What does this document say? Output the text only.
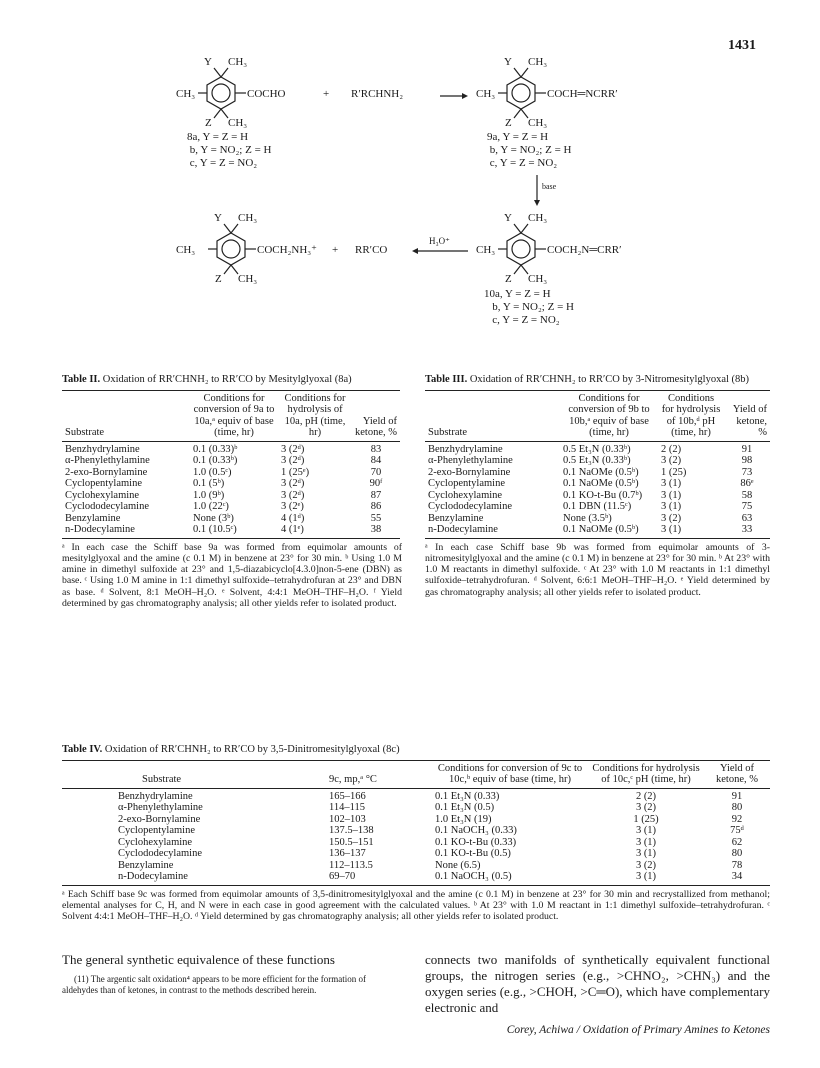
1431
Y CH₃
CH₃	COCHO
Z CH₃
+ R′RCHNH₂
Y CH₃
CH₃	COCH═NCRR′
Z CH₃
base
Y CH₃
CH₃	COCH₂NH₃⁺
Z CH₃
+ RR′CO
H₃O⁺
Y CH₃
CH₃	COCH₂N═CRR′
Z CH₃
8a, Y = Z = H
b, Y = NO₂; Z = H
c, Y = Z = NO₂
9a, Y = Z = H
b, Y = NO₂; Z = H
c, Y = Z = NO₂
10a, Y = Z = H
b, Y = NO₂; Z = H
c, Y = Z = NO₂
Table II. Oxidation of RR′CHNH₂ to RR′CO by Mesitylglyoxal (8a)
Substrate	Conditions for conversion of 9a to 10a,ᵃ equiv of base (time, hr)	Conditions for hydrolysis of 10a, pH (time, hr)	Yield of ketone, %
Benzhydrylamine	0.1 (0.33)ᵇ	3 (2ᵈ)	83
α-Phenylethylamine	0.1 (0.33ᵇ)	3 (2ᵈ)	84
2-exo-Bornylamine	1.0 (0.5ᶜ)	1 (25ᵉ)	70
Cyclopentylamine	0.1 (5ᵇ)	3 (2ᵈ)	90ᶠ
Cyclohexylamine	1.0 (9ᵇ)	3 (2ᵈ)	87
Cyclododecylamine	1.0 (22ᶜ)	3 (2ᵉ)	86
Benzylamine	None (3ᵇ)	4 (1ᵈ)	55
n-Dodecylamine	0.1 (10.5ᶜ)	4 (1ᵉ)	38
ᵃ In each case the Schiff base 9a was formed from equimolar amounts of mesitylglyoxal and the amine (c 0.1 M) in benzene at 23° for 30 min. ᵇ Using 1.0 M amine in dimethyl sulfoxide at 23° and 1,5-diazabicyclo[4.3.0]non-5-ene (DBN) as base. ᶜ Using 1.0 M amine in 1:1 dimethyl sulfoxide–tetrahydrofuran at 23° and DBN as base. ᵈ Solvent, 8:1 MeOH–H₂O. ᵉ Solvent, 4:4:1 MeOH–THF–H₂O. ᶠ Yield determined by gas chromatography analysis; all other yields refer to isolated product.
Table III. Oxidation of RR′CHNH₂ to RR′CO by 3-Nitromesitylglyoxal (8b)
Substrate	Conditions for conversion of 9b to 10b,ᵃ equiv of base (time, hr)	Conditions for hydrolysis of 10b,ᵈ pH (time, hr)	Yield of ketone, %
Benzhydrylamine	0.5 Et₃N (0.33ᵇ)	2 (2)	91
α-Phenylethylamine	0.5 Et₃N (0.33ᵇ)	3 (2)	98
2-exo-Bornylamine	0.1 NaOMe (0.5ᵇ)	1 (25)	73
Cyclopentylamine	0.1 NaOMe (0.5ᵇ)	3 (1)	86ᵉ
Cyclohexylamine	0.1 KO-t-Bu (0.7ᵇ)	3 (1)	58
Cyclododecylamine	0.1 DBN (11.5ᶜ)	3 (1)	75
Benzylamine	None (3.5ᵇ)	3 (2)	63
n-Dodecylamine	0.1 NaOMe (0.5ᵇ)	3 (1)	33
ᵃ In each case Schiff base 9b was formed from equimolar amounts of 3-nitromesitylglyoxal and the amine (c 0.1 M) in benzene at 23° for 30 min. ᵇ At 23° with 1.0 M reactants in dimethyl sulfoxide. ᶜ At 23° with 1.0 M reactants in 1:1 dimethyl sulfoxide–tetrahydrofuran. ᵈ Solvent, 6:6:1 MeOH–THF–H₂O. ᵉ Yield determined by gas chromatography analysis; all other yields refer to isolated product.
Table IV. Oxidation of RR′CHNH₂ to RR′CO by 3,5-Dinitromesitylglyoxal (8c)
Substrate	9c, mp,ᵃ °C	Conditions for conversion of 9c to 10c,ᵇ equiv of base (time, hr)	Conditions for hydrolysis of 10c,ᶜ pH (time, hr)	Yield of ketone, %
Benzhydrylamine	165–166	0.1 Et₃N (0.33)	2 (2)	91
α-Phenylethylamine	114–115	0.1 Et₃N (0.5)	3 (2)	80
2-exo-Bornylamine	102–103	1.0 Et₃N (19)	1 (25)	92
Cyclopentylamine	137.5–138	0.1 NaOCH₃ (0.33)	3 (1)	75ᵈ
Cyclohexylamine	150.5–151	0.1 KO-t-Bu (0.33)	3 (1)	62
Cyclododecylamine	136–137	0.1 KO-t-Bu (0.5)	3 (1)	80
Benzylamine	112–113.5	None (6.5)	3 (2)	78
n-Dodecylamine	69–70	0.1 NaOCH₃ (0.5)	3 (1)	34
ᵃ Each Schiff base 9c was formed from equimolar amounts of 3,5-dinitromesitylglyoxal and the amine (c 0.1 M) in benzene at 23° for 30 min and recrystallized from methanol; elemental analyses for C, H, and N were in each case in good agreement with the calculated values. ᵇ At 23° with 1.0 M reactant in 1:1 dimethyl sulfoxide–tetrahydrofuran. ᶜ Solvent 4:4:1 MeOH–THF–H₂O. ᵈ Yield determined by gas chromatography analysis; all other yields refer to isolated product.
The general synthetic equivalence of these functions
(11) The argentic salt oxidation⁴ appears to be more efficient for the formation of aldehydes than of ketones, in contrast to the methods described herein.
connects two manifolds of synthetically equivalent functional groups, the nitrogen series (e.g., >CHNO₂, >CHN₃) and the oxygen series (e.g., >CHOH, >C═O), which have complementary electronic and
Corey, Achiwa / Oxidation of Primary Amines to Ketones
